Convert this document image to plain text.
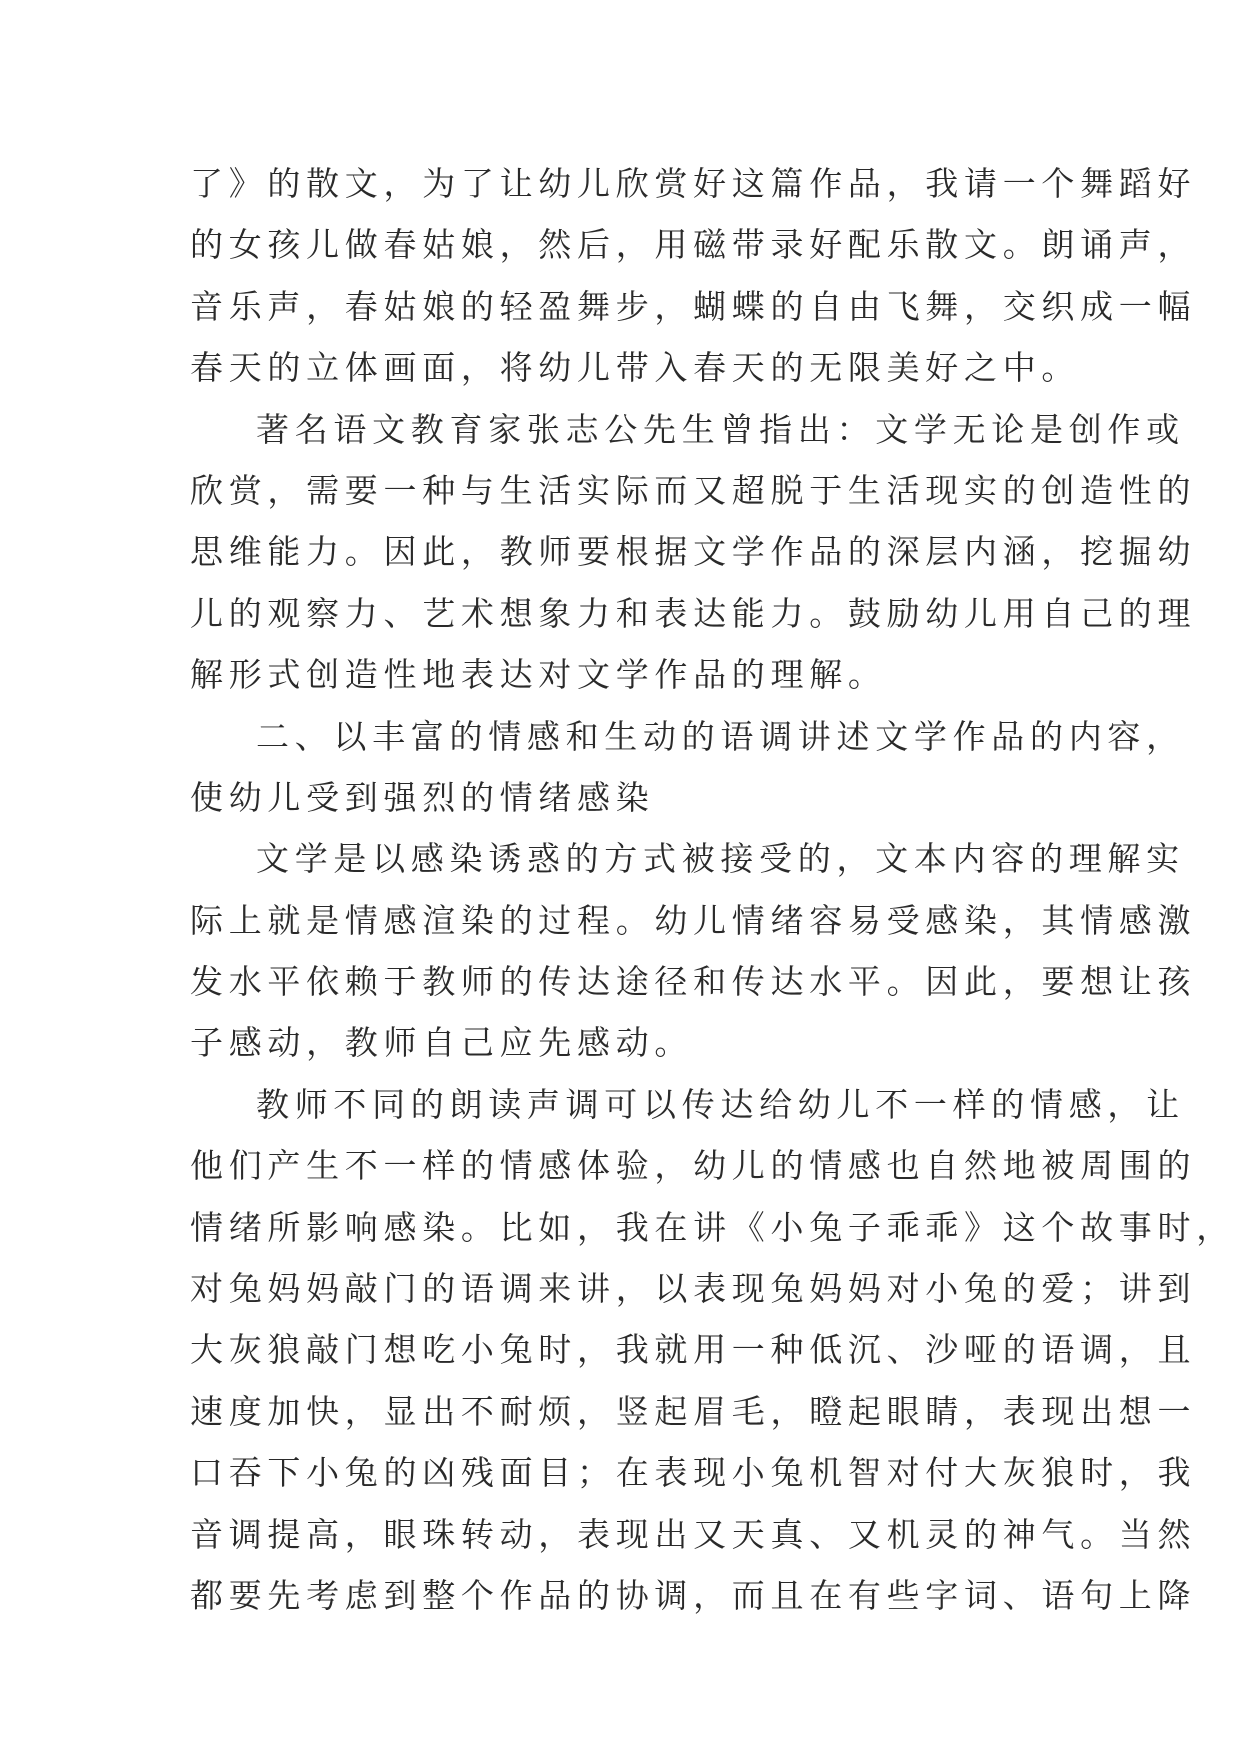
了》的散文，为了让幼儿欣赏好这篇作品，我请一个舞蹈好
的女孩儿做春姑娘，然后，用磁带录好配乐散文。朗诵声，
音乐声，春姑娘的轻盈舞步，蝴蝶的自由飞舞，交织成一幅
春天的立体画面，将幼儿带入春天的无限美好之中。
著名语文教育家张志公先生曾指出：文学无论是创作或
欣赏，需要一种与生活实际而又超脱于生活现实的创造性的
思维能力。因此，教师要根据文学作品的深层内涵，挖掘幼
儿的观察力、艺术想象力和表达能力。鼓励幼儿用自己的理
解形式创造性地表达对文学作品的理解。
二、以丰富的情感和生动的语调讲述文学作品的内容，
使幼儿受到强烈的情绪感染
文学是以感染诱惑的方式被接受的，文本内容的理解实
际上就是情感渲染的过程。幼儿情绪容易受感染，其情感激
发水平依赖于教师的传达途径和传达水平。因此，要想让孩
子感动，教师自己应先感动。
教师不同的朗读声调可以传达给幼儿不一样的情感，让
他们产生不一样的情感体验，幼儿的情感也自然地被周围的
情绪所影响感染。比如，我在讲《小兔子乖乖》这个故事时，
对兔妈妈敲门的语调来讲，以表现兔妈妈对小兔的爱；讲到
大灰狼敲门想吃小兔时，我就用一种低沉、沙哑的语调，且
速度加快，显出不耐烦，竖起眉毛，瞪起眼睛，表现出想一
口吞下小兔的凶残面目；在表现小兔机智对付大灰狼时，我
音调提高，眼珠转动，表现出又天真、又机灵的神气。当然
都要先考虑到整个作品的协调，而且在有些字词、语句上降
